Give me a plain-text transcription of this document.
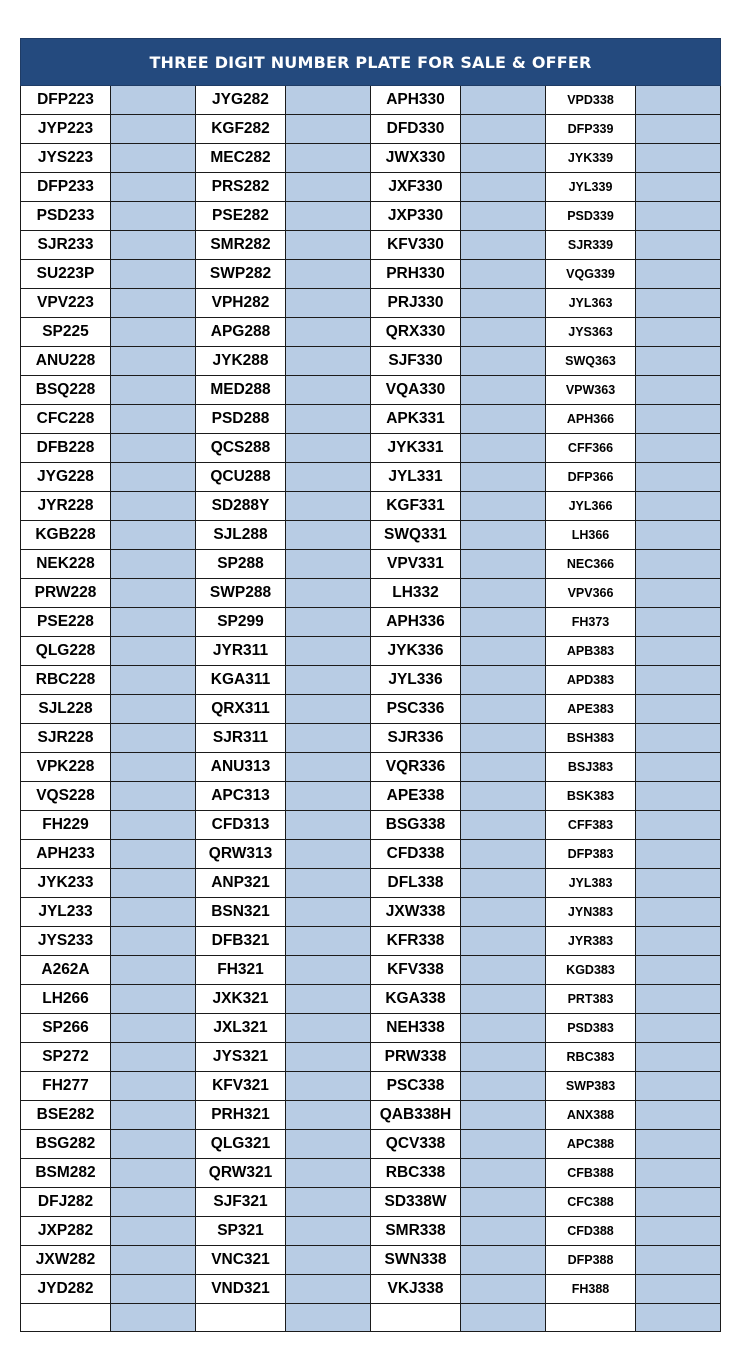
THREE DIGIT NUMBER PLATE FOR SALE & OFFER							
DFP223		JYG282		APH330		VPD338	
JYP223		KGF282		DFD330		DFP339	
JYS223		MEC282		JWX330		JYK339	
DFP233		PRS282		JXF330		JYL339	
PSD233		PSE282		JXP330		PSD339	
SJR233		SMR282		KFV330		SJR339	
SU223P		SWP282		PRH330		VQG339	
VPV223		VPH282		PRJ330		JYL363	
SP225		APG288		QRX330		JYS363	
ANU228		JYK288		SJF330		SWQ363	
BSQ228		MED288		VQA330		VPW363	
CFC228		PSD288		APK331		APH366	
DFB228		QCS288		JYK331		CFF366	
JYG228		QCU288		JYL331		DFP366	
JYR228		SD288Y		KGF331		JYL366	
KGB228		SJL288		SWQ331		LH366	
NEK228		SP288		VPV331		NEC366	
PRW228		SWP288		LH332		VPV366	
PSE228		SP299		APH336		FH373	
QLG228		JYR311		JYK336		APB383	
RBC228		KGA311		JYL336		APD383	
SJL228		QRX311		PSC336		APE383	
SJR228		SJR311		SJR336		BSH383	
VPK228		ANU313		VQR336		BSJ383	
VQS228		APC313		APE338		BSK383	
FH229		CFD313		BSG338		CFF383	
APH233		QRW313		CFD338		DFP383	
JYK233		ANP321		DFL338		JYL383	
JYL233		BSN321		JXW338		JYN383	
JYS233		DFB321		KFR338		JYR383	
A262A		FH321		KFV338		KGD383	
LH266		JXK321		KGA338		PRT383	
SP266		JXL321		NEH338		PSD383	
SP272		JYS321		PRW338		RBC383	
FH277		KFV321		PSC338		SWP383	
BSE282		PRH321		QAB338H		ANX388	
BSG282		QLG321		QCV338		APC388	
BSM282		QRW321		RBC338		CFB388	
DFJ282		SJF321		SD338W		CFC388	
JXP282		SP321		SMR338		CFD388	
JXW282		VNC321		SWN338		DFP388	
JYD282		VND321		VKJ338		FH388	
